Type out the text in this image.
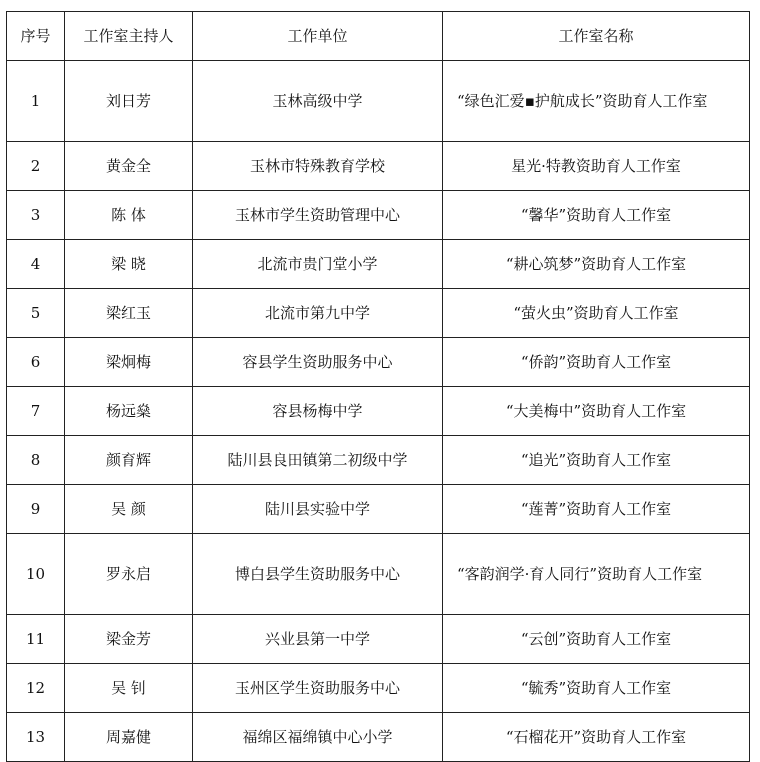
序号	工作室主持人	工作单位	工作室名称
1	刘日芳	玉林高级中学	“绿色汇爱▪护航成长”资助育人工作室
2	黄金全	玉林市特殊教育学校	星光·特教资助育人工作室
3	陈 体	玉林市学生资助管理中心	“馨华”资助育人工作室
4	梁 晓	北流市贵门堂小学	“耕心筑梦”资助育人工作室
5	梁红玉	北流市第九中学	“萤火虫”资助育人工作室
6	梁炯梅	容县学生资助服务中心	“侨韵”资助育人工作室
7	杨远燊	容县杨梅中学	“大美梅中”资助育人工作室
8	颜育辉	陆川县良田镇第二初级中学	“追光”资助育人工作室
9	吴 颜	陆川县实验中学	“莲菁”资助育人工作室
10	罗永启	博白县学生资助服务中心	“客韵润学·育人同行”资助育人工作室
11	梁金芳	兴业县第一中学	“云创”资助育人工作室
12	吴 钊	玉州区学生资助服务中心	“毓秀”资助育人工作室
13	周嘉健	福绵区福绵镇中心小学	“石榴花开”资助育人工作室
